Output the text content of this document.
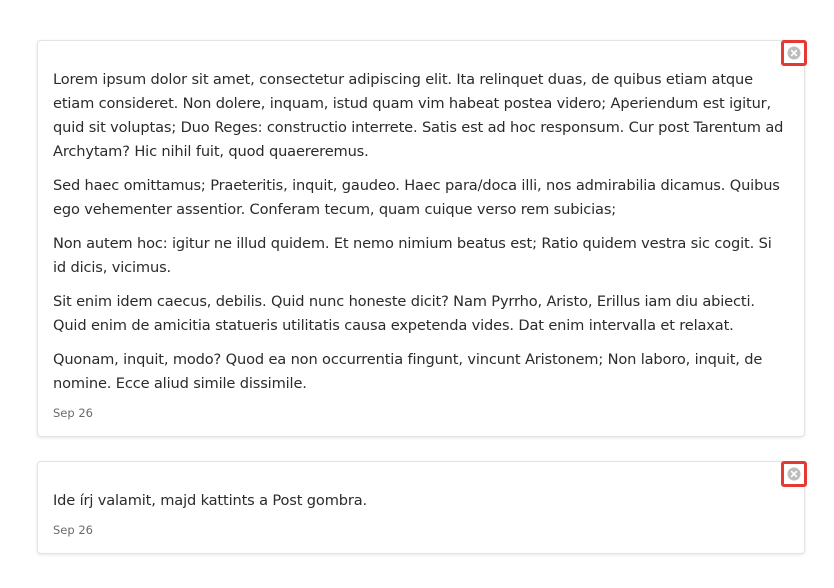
Lorem ipsum dolor sit amet, consectetur adipiscing elit. Ita relinquet duas, de quibus etiam atque etiam consideret. Non dolere, inquam, istud quam vim habeat postea videro; Aperiendum est igitur, quid sit voluptas; Duo Reges: constructio interrete. Satis est ad hoc responsum. Cur post Tarentum ad Archytam? Hic nihil fuit, quod quaereremus.

Sed haec omittamus; Praeteritis, inquit, gaudeo. Haec para/doca illi, nos admirabilia dicamus. Quibus ego vehementer assentior. Conferam tecum, quam cuique verso rem subicias;

Non autem hoc: igitur ne illud quidem. Et nemo nimium beatus est; Ratio quidem vestra sic cogit. Si id dicis, vicimus.

Sit enim idem caecus, debilis. Quid nunc honeste dicit? Nam Pyrrho, Aristo, Erillus iam diu abiecti. Quid enim de amicitia statueris utilitatis causa expetenda vides. Dat enim intervalla et relaxat.

Quonam, inquit, modo? Quod ea non occurrentia fingunt, vincunt Aristonem; Non laboro, inquit, de nomine. Ecce aliud simile dissimile.

Sep 26

Ide írj valamit, majd kattints a Post gombra.

Sep 26
